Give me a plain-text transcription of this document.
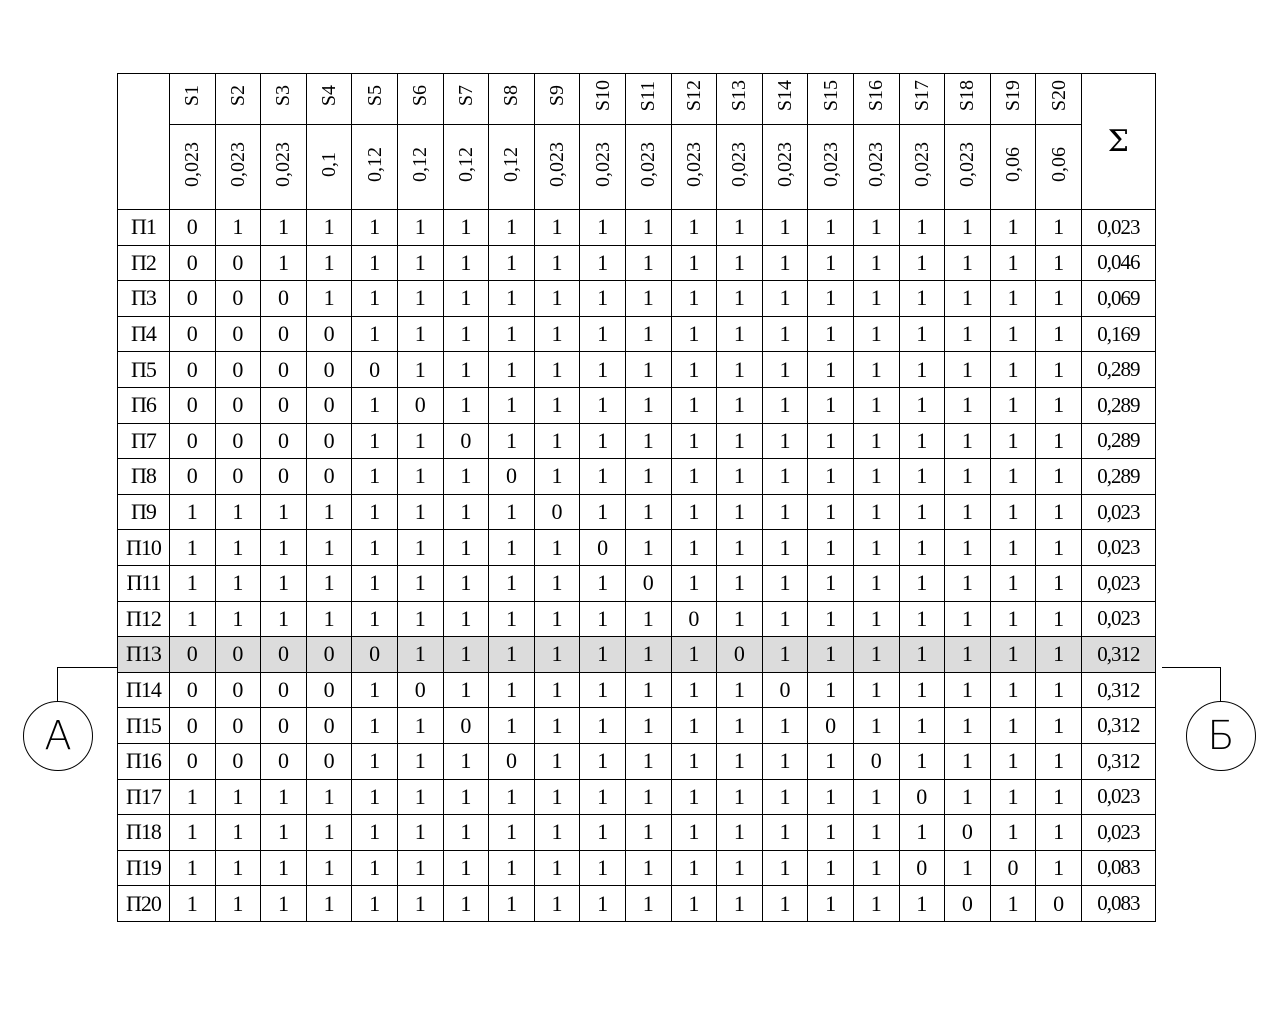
	S1	S2	S3	S4	S5	S6	S7	S8	S9	S10	S11	S12	S13	S14	S15	S16	S17	S18	S19	S20	Σ
	0,023	0,023	0,023	0,1	0,12	0,12	0,12	0,12	0,023	0,023	0,023	0,023	0,023	0,023	0,023	0,023	0,023	0,023	0,06	0,06	
П1	0	1	1	1	1	1	1	1	1	1	1	1	1	1	1	1	1	1	1	1	0,023
П2	0	0	1	1	1	1	1	1	1	1	1	1	1	1	1	1	1	1	1	1	0,046
П3	0	0	0	1	1	1	1	1	1	1	1	1	1	1	1	1	1	1	1	1	0,069
П4	0	0	0	0	1	1	1	1	1	1	1	1	1	1	1	1	1	1	1	1	0,169
П5	0	0	0	0	0	1	1	1	1	1	1	1	1	1	1	1	1	1	1	1	0,289
П6	0	0	0	0	1	0	1	1	1	1	1	1	1	1	1	1	1	1	1	1	0,289
П7	0	0	0	0	1	1	0	1	1	1	1	1	1	1	1	1	1	1	1	1	0,289
П8	0	0	0	0	1	1	1	0	1	1	1	1	1	1	1	1	1	1	1	1	0,289
П9	1	1	1	1	1	1	1	1	0	1	1	1	1	1	1	1	1	1	1	1	0,023
П10	1	1	1	1	1	1	1	1	1	0	1	1	1	1	1	1	1	1	1	1	0,023
П11	1	1	1	1	1	1	1	1	1	1	0	1	1	1	1	1	1	1	1	1	0,023
П12	1	1	1	1	1	1	1	1	1	1	1	0	1	1	1	1	1	1	1	1	0,023
П13	0	0	0	0	0	1	1	1	1	1	1	1	0	1	1	1	1	1	1	1	0,312
П14	0	0	0	0	1	0	1	1	1	1	1	1	1	0	1	1	1	1	1	1	0,312
П15	0	0	0	0	1	1	0	1	1	1	1	1	1	1	0	1	1	1	1	1	0,312
П16	0	0	0	0	1	1	1	0	1	1	1	1	1	1	1	0	1	1	1	1	0,312
П17	1	1	1	1	1	1	1	1	1	1	1	1	1	1	1	1	0	1	1	1	0,023
П18	1	1	1	1	1	1	1	1	1	1	1	1	1	1	1	1	1	0	1	1	0,023
П19	1	1	1	1	1	1	1	1	1	1	1	1	1	1	1	1	0	1	0	1	0,083
П20	1	1	1	1	1	1	1	1	1	1	1	1	1	1	1	1	1	0	1	0	0,083
А	Б
